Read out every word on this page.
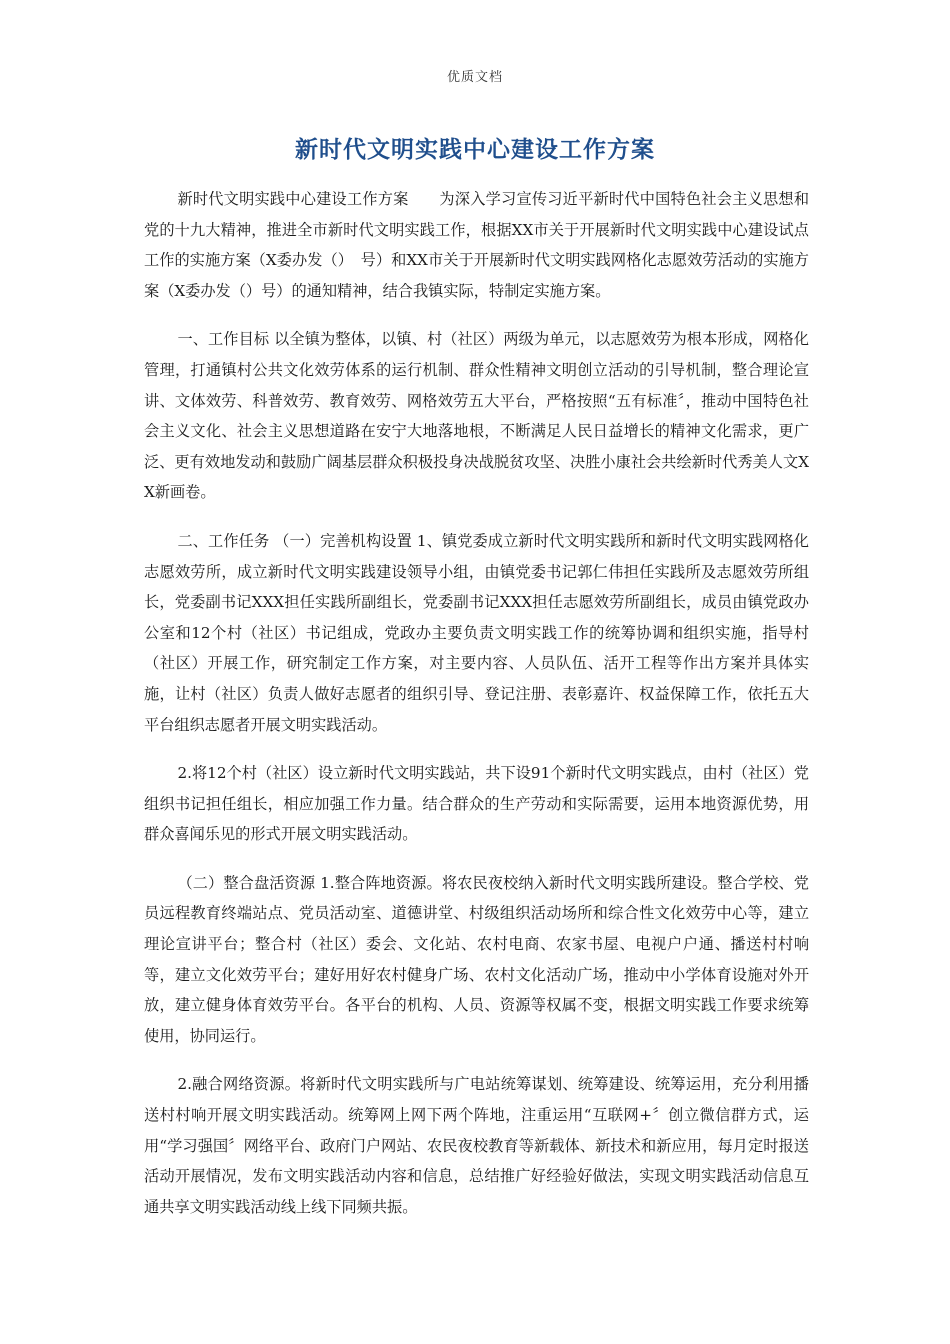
优质文档
新时代文明实践中心建设工作方案

新时代文明实践中心建设工作方案　　为深入学习宣传习近平新时代中国特色社会主义思想和党的十九大精神，推进全市新时代文明实践工作，根据XX市关于开展新时代文明实践中心建设试点工作的实施方案（X委办发（）　号）和XX市关于开展新时代文明实践网格化志愿效劳活动的实施方案（X委办发（）号）的通知精神，结合我镇实际，特制定实施方案。

一、工作目标 以全镇为整体，以镇、村（社区）两级为单元，以志愿效劳为根本形成，网格化管理，打通镇村公共文化效劳体系的运行机制、群众性精神文明创立活动的引导机制，整合理论宣讲、文体效劳、科普效劳、教育效劳、网格效劳五大平台，严格按照“五有标准〞，推动中国特色社会主义文化、社会主义思想道路在安宁大地落地根，不断满足人民日益增长的精神文化需求，更广泛、更有效地发动和鼓励广阔基层群众积极投身决战脱贫攻坚、决胜小康社会共绘新时代秀美人文XX新画卷。

二、工作任务 （一）完善机构设置 1、镇党委成立新时代文明实践所和新时代文明实践网格化志愿效劳所，成立新时代文明实践建设领导小组，由镇党委书记郭仁伟担任实践所及志愿效劳所组长，党委副书记XXX担任实践所副组长，党委副书记XXX担任志愿效劳所副组长，成员由镇党政办公室和12个村（社区）书记组成，党政办主要负责文明实践工作的统筹协调和组织实施，指导村（社区）开展工作，研究制定工作方案，对主要内容、人员队伍、活开工程等作出方案并具体实施，让村（社区）负责人做好志愿者的组织引导、登记注册、表彰嘉许、权益保障工作，依托五大平台组织志愿者开展文明实践活动。

2.将12个村（社区）设立新时代文明实践站，共下设91个新时代文明实践点，由村（社区）党组织书记担任组长，相应加强工作力量。结合群众的生产劳动和实际需要，运用本地资源优势，用群众喜闻乐见的形式开展文明实践活动。

（二）整合盘活资源 1.整合阵地资源。将农民夜校纳入新时代文明实践所建设。整合学校、党员远程教育终端站点、党员活动室、道德讲堂、村级组织活动场所和综合性文化效劳中心等，建立理论宣讲平台；整合村（社区）委会、文化站、农村电商、农家书屋、电视户户通、播送村村响等，建立文化效劳平台；建好用好农村健身广场、农村文化活动广场，推动中小学体育设施对外开放，建立健身体育效劳平台。各平台的机构、人员、资源等权属不变，根据文明实践工作要求统筹使用，协同运行。

2.融合网络资源。将新时代文明实践所与广电站统筹谋划、统筹建设、统筹运用，充分利用播送村村响开展文明实践活动。统筹网上网下两个阵地，注重运用“互联网+〞创立微信群方式，运用“学习强国〞网络平台、政府门户网站、农民夜校教育等新载体、新技术和新应用，每月定时报送活动开展情况，发布文明实践活动内容和信息，总结推广好经验好做法，实现文明实践活动信息互通共享文明实践活动线上线下同频共振。
